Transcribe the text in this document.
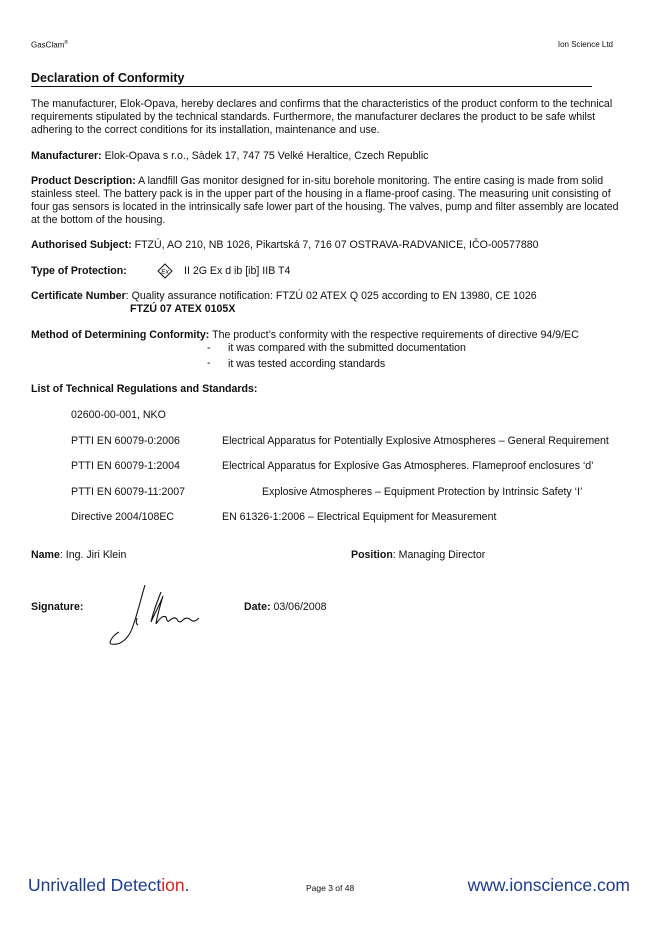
GasClam®	Ion Science Ltd
Declaration of Conformity
The manufacturer, Elok-Opava, hereby declares and confirms that the characteristics of the product conform to the technical requirements stipulated by the technical standards. Furthermore, the manufacturer declares the product to be safe whilst adhering to the correct conditions for its installation, maintenance and use.
Manufacturer: Elok-Opava s r.o., Sàdek 17, 747 75 Velké Heraltice, Czech Republic
Product Description: A landfill Gas monitor designed for in-situ borehole monitoring. The entire casing is made from solid stainless steel. The battery pack is in the upper part of the housing in a flame-proof casing. The measuring unit consisting of four gas sensors is located in the intrinsically safe lower part of the housing. The valves, pump and filter assembly are located at the bottom of the housing.
Authorised Subject: FTZÚ, AO 210, NB 1026, Pikartská 7, 716 07 OSTRAVA-RADVANICE, IČO-00577880
Type of Protection:	Ex II 2G Ex d ib [ib] IIB T4
Certificate Number: Quality assurance notification: FTZÚ 02 ATEX Q 025 according to EN 13980, CE 1026
FTZÚ 07 ATEX 0105X
Method of Determining Conformity: The product’s conformity with the respective requirements of directive 94/9/EC
- it was compared with the submitted documentation
- it was tested according standards
List of Technical Regulations and Standards:
02600-00-001, NKO
PTTI EN 60079-0:2006	Electrical Apparatus for Potentially Explosive Atmospheres – General Requirement
PTTI EN 60079-1:2004	Electrical Apparatus for Explosive Gas Atmospheres. Flameproof enclosures ‘d’
PTTI EN 60079-11:2007	Explosive Atmospheres – Equipment Protection by Intrinsic Safety ‘I’
Directive 2004/108EC	EN 61326-1:2006 – Electrical Equipment for Measurement
Name: Ing. Jiri Klein	Position: Managing Director
Signature:	Date: 03/06/2008
Unrivalled Detection.	Page 3 of 48	www.ionscience.com
